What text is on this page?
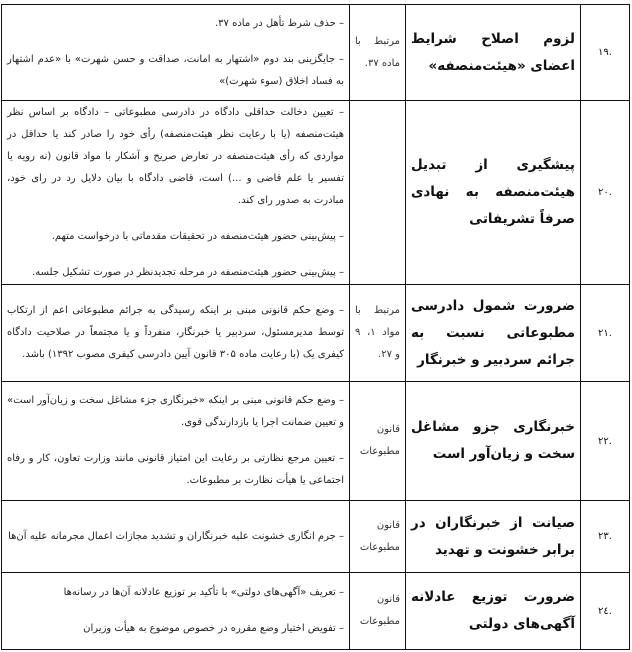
.۱۹	لزوم اصلاح شرایط اعضای «هیئت‌منصفه»	مرتبط با ماده ۳۷.	– حذف شرط تأهل در ماده ۳۷.

– جایگزینی بند دوم «اشتهار به امانت، صداقت و حسن شهرت» با «عدم اشتهار به فساد اخلاق (سوء شهرت)»

.۲۰	پیشگیری از تبدیل هیئت‌منصفه به نهادی صرفاً تشریفاتی		– تعیین دخالت حداقلی دادگاه در دادرسی مطبوعاتی – دادگاه بر اساس نظر هیئت‌منصفه (یا با رعایت نظر هیئت‌منصفه) رأی خود را صادر کند یا حداقل در مواردی که رأی هیئت‌منصفه در تعارض صریح و آشکار با مواد قانون (نه رویه یا تفسیر یا علم قاضی و ...) است، قاضی دادگاه با بیان دلایل رد در رای خود، مبادرت به صدور رای کند.

– پیش‌بینی حضور هیئت‌منصفه در تحقیقات مقدماتی با درخواست متهم.

– پیش‌بینی حضور هیئت‌منصفه در مرحله تجدیدنظر در صورت تشکیل جلسه.

.۲۱	ضرورت شمول دادرسی مطبوعاتی نسبت به جرائم سردبیر و خبرنگار	مرتبط با مواد ۱، ۹ و ۲۷.	– وضع حکم قانونی مبنی بر اینکه رسیدگی به جرائم مطبوعاتی اعم از ارتکاب توسط مدیرمسئول، سردبیر یا خبرنگار، منفرداً و یا مجتمعاً در صلاحیت دادگاه کیفری یک (با رعایت ماده ۳۰۵ قانون آیین دادرسی کیفری مصوب ۱۳۹۲) باشد.

.۲۲	خبرنگاری جزو مشاغل سخت و زیان‌آور است	قانون مطبوعات	– وضع حکم قانونی مبنی بر اینکه «خبرنگاری جزء مشاغل سخت و زیان‌آور است» و تعیین ضمانت اجرا یا بازدارندگی قوی.

– تعیین مرجع نظارتی بر رعایت این امتیاز قانونی مانند وزارت تعاون، کار و رفاه اجتماعی یا هیأت نظارت بر مطبوعات.

.۲۳	صیانت از خبرنگاران در برابر خشونت و تهدید	قانون مطبوعات	– جرم انگاری خشونت علیه خبرنگاران و تشدید مجازات اعمال مجرمانه علیه آن‌ها

.۲٤	ضرورت توزیع عادلانه آگهی‌های دولتی	قانون مطبوعات	– تعریف «آگهی‌های دولتی» با تأکید بر توزیع عادلانه آن‌ها در رسانه‌ها

– تفویض اختیار وضع مقرره در خصوص موضوع به هیأت وزیران
